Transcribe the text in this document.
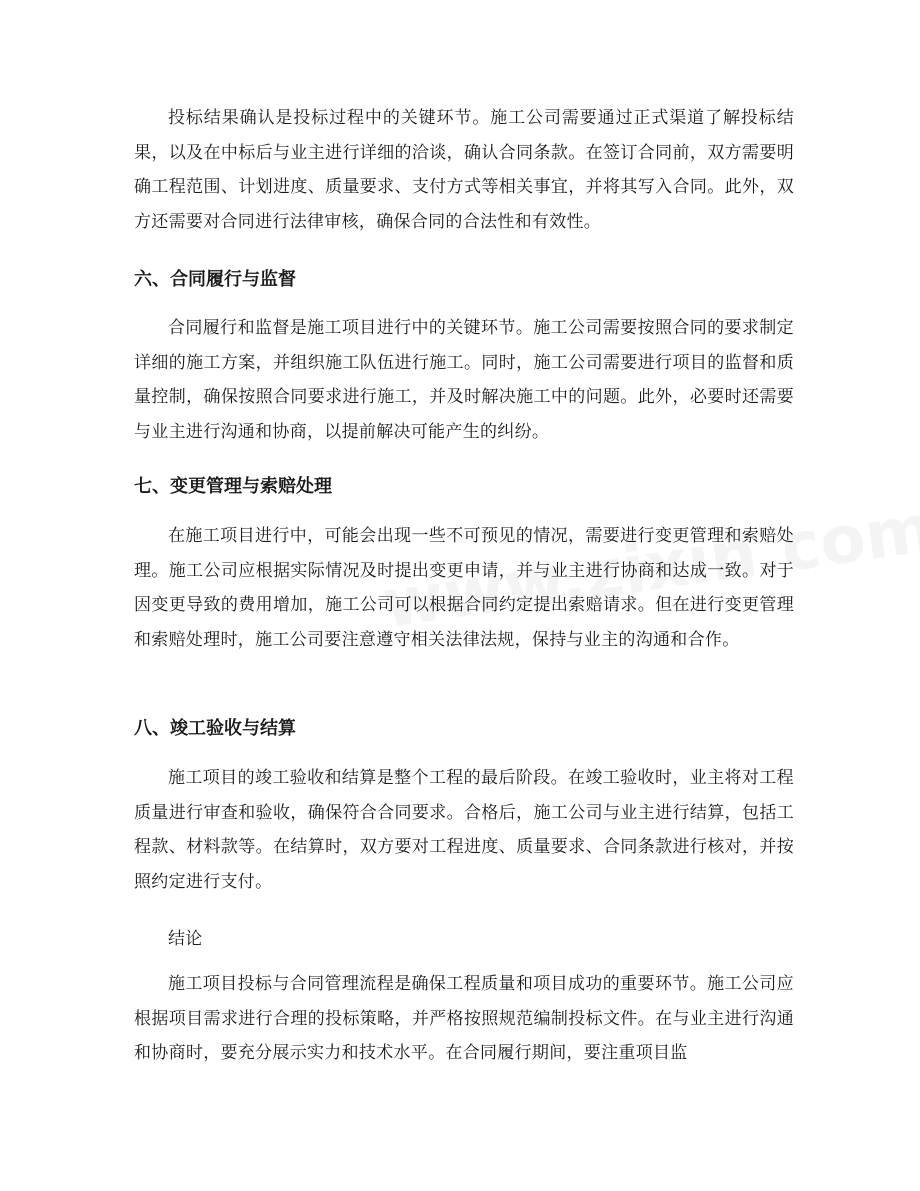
投标结果确认是投标过程中的关键环节。施工公司需要通过正式渠道了解投标结果，以及在中标后与业主进行详细的洽谈，确认合同条款。在签订合同前，双方需要明确工程范围、计划进度、质量要求、支付方式等相关事宜，并将其写入合同。此外，双方还需要对合同进行法律审核，确保合同的合法性和有效性。

六、合同履行与监督

合同履行和监督是施工项目进行中的关键环节。施工公司需要按照合同的要求制定详细的施工方案，并组织施工队伍进行施工。同时，施工公司需要进行项目的监督和质量控制，确保按照合同要求进行施工，并及时解决施工中的问题。此外，必要时还需要与业主进行沟通和协商，以提前解决可能产生的纠纷。

七、变更管理与索赔处理

在施工项目进行中，可能会出现一些不可预见的情况，需要进行变更管理和索赔处理。施工公司应根据实际情况及时提出变更申请，并与业主进行协商和达成一致。对于因变更导致的费用增加，施工公司可以根据合同约定提出索赔请求。但在进行变更管理和索赔处理时，施工公司要注意遵守相关法律法规，保持与业主的沟通和合作。

八、竣工验收与结算

施工项目的竣工验收和结算是整个工程的最后阶段。在竣工验收时，业主将对工程质量进行审查和验收，确保符合合同要求。合格后，施工公司与业主进行结算，包括工程款、材料款等。在结算时，双方要对工程进度、质量要求、合同条款进行核对，并按照约定进行支付。

结论

施工项目投标与合同管理流程是确保工程质量和项目成功的重要环节。施工公司应根据项目需求进行合理的投标策略，并严格按照规范编制投标文件。在与业主进行沟通和协商时，要充分展示实力和技术水平。在合同履行期间，要注重项目监
